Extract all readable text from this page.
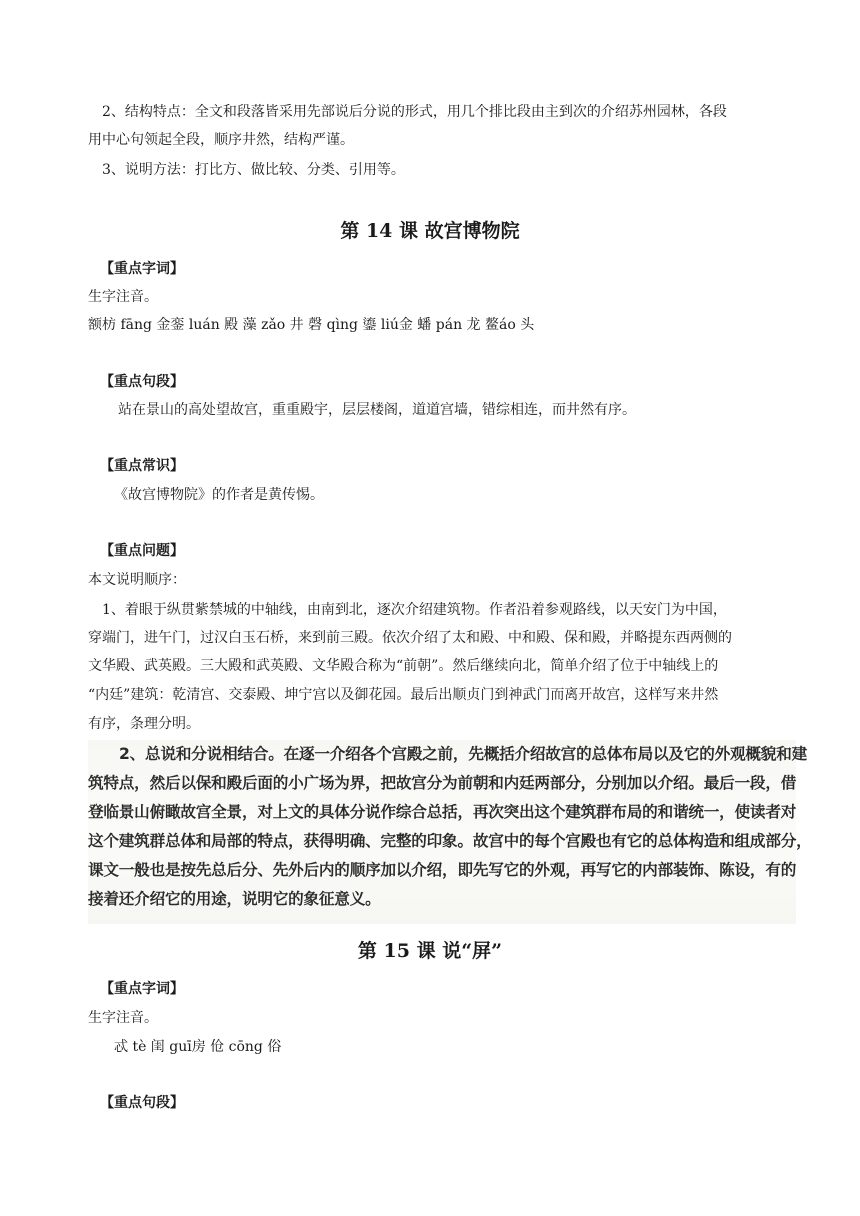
2、结构特点：全文和段落皆采用先部说后分说的形式，用几个排比段由主到次的介绍苏州园林，各段

用中心句领起全段，顺序井然，结构严谨。

3、说明方法：打比方、做比较、分类、引用等。

第 14 课 故宫博物院
【重点字词】

生字注音。

额枋 fāng 金銮 luán 殿 藻 zǎo 井 磬 qìng 鎏 liú金 蟠 pán 龙 鳌áo 头

【重点句段】

站在景山的高处望故宫，重重殿宇，层层楼阁，道道宫墙，错综相连，而井然有序。

【重点常识】

《故宫博物院》的作者是黄传惕。

【重点问题】

本文说明顺序：

1、着眼于纵贯紫禁城的中轴线，由南到北，逐次介绍建筑物。作者沿着参观路线，以天安门为中国，

穿端门，进午门，过汉白玉石桥，来到前三殿。依次介绍了太和殿、中和殿、保和殿，并略提东西两侧的

文华殿、武英殿。三大殿和武英殿、文华殿合称为“前朝”。然后继续向北，简单介绍了位于中轴线上的

“内廷”建筑：乾清宫、交泰殿、坤宁宫以及御花园。最后出顺贞门到神武门而离开故宫，这样写来井然

有序，条理分明。

2、总说和分说相结合。在逐一介绍各个宫殿之前，先概括介绍故宫的总体布局以及它的外观概貌和建

筑特点，然后以保和殿后面的小广场为界，把故宫分为前朝和内廷两部分，分别加以介绍。最后一段，借

登临景山俯瞰故宫全景，对上文的具体分说作综合总括，再次突出这个建筑群布局的和谐统一，使读者对

这个建筑群总体和局部的特点，获得明确、完整的印象。故宫中的每个宫殿也有它的总体构造和组成部分，

课文一般也是按先总后分、先外后内的顺序加以介绍，即先写它的外观，再写它的内部装饰、陈设，有的

接着还介绍它的用途，说明它的象征意义。

第 15 课 说“屏”
【重点字词】

生字注音。

忒 tè 闺 guī房 伧 cōng 俗

【重点句段】
